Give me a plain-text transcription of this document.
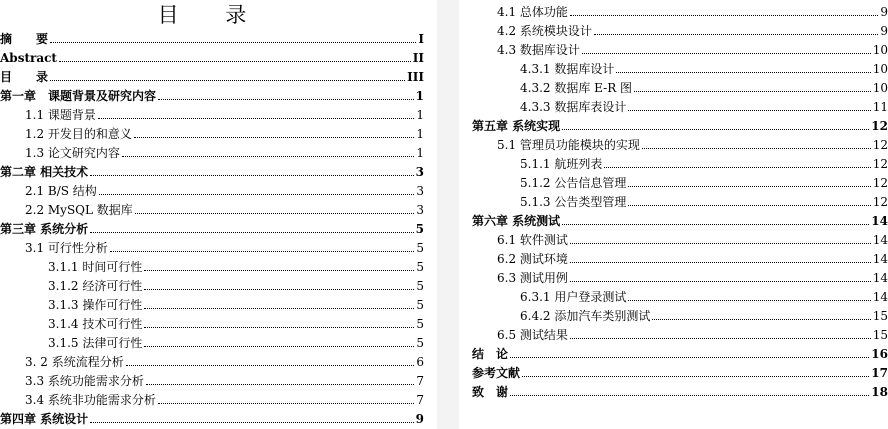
目 录
摘　　要	I
Abstract	II
目　　录	III
第一章　课题背景及研究内容	1
1.1 课题背景	1
1.2 开发目的和意义	1
1.3 论文研究内容	1
第二章 相关技术	3
2.1 B/S 结构	3
2.2 MySQL 数据库	3
第三章 系统分析	5
3.1 可行性分析	5
3.1.1 时间可行性	5
3.1.2 经济可行性	5
3.1.3 操作可行性	5
3.1.4 技术可行性	5
3.1.5 法律可行性	5
3. 2 系统流程分析	6
3.3 系统功能需求分析	7
3.4 系统非功能需求分析	7
第四章 系统设计	9
4.1 总体功能	9
4.2 系统模块设计	9
4.3 数据库设计	10
4.3.1 数据库设计	10
4.3.2 数据库 E-R 图	10
4.3.3 数据库表设计	11
第五章 系统实现	12
5.1 管理员功能模块的实现	12
5.1.1 航班列表	12
5.1.2 公告信息管理	12
5.1.3 公告类型管理	12
第六章 系统测试	14
6.1 软件测试	14
6.2 测试环境	14
6.3 测试用例	14
6.3.1 用户登录测试	14
6.4.2 添加汽车类别测试	15
6.5 测试结果	15
结　论	16
参考文献	17
致　谢	18
